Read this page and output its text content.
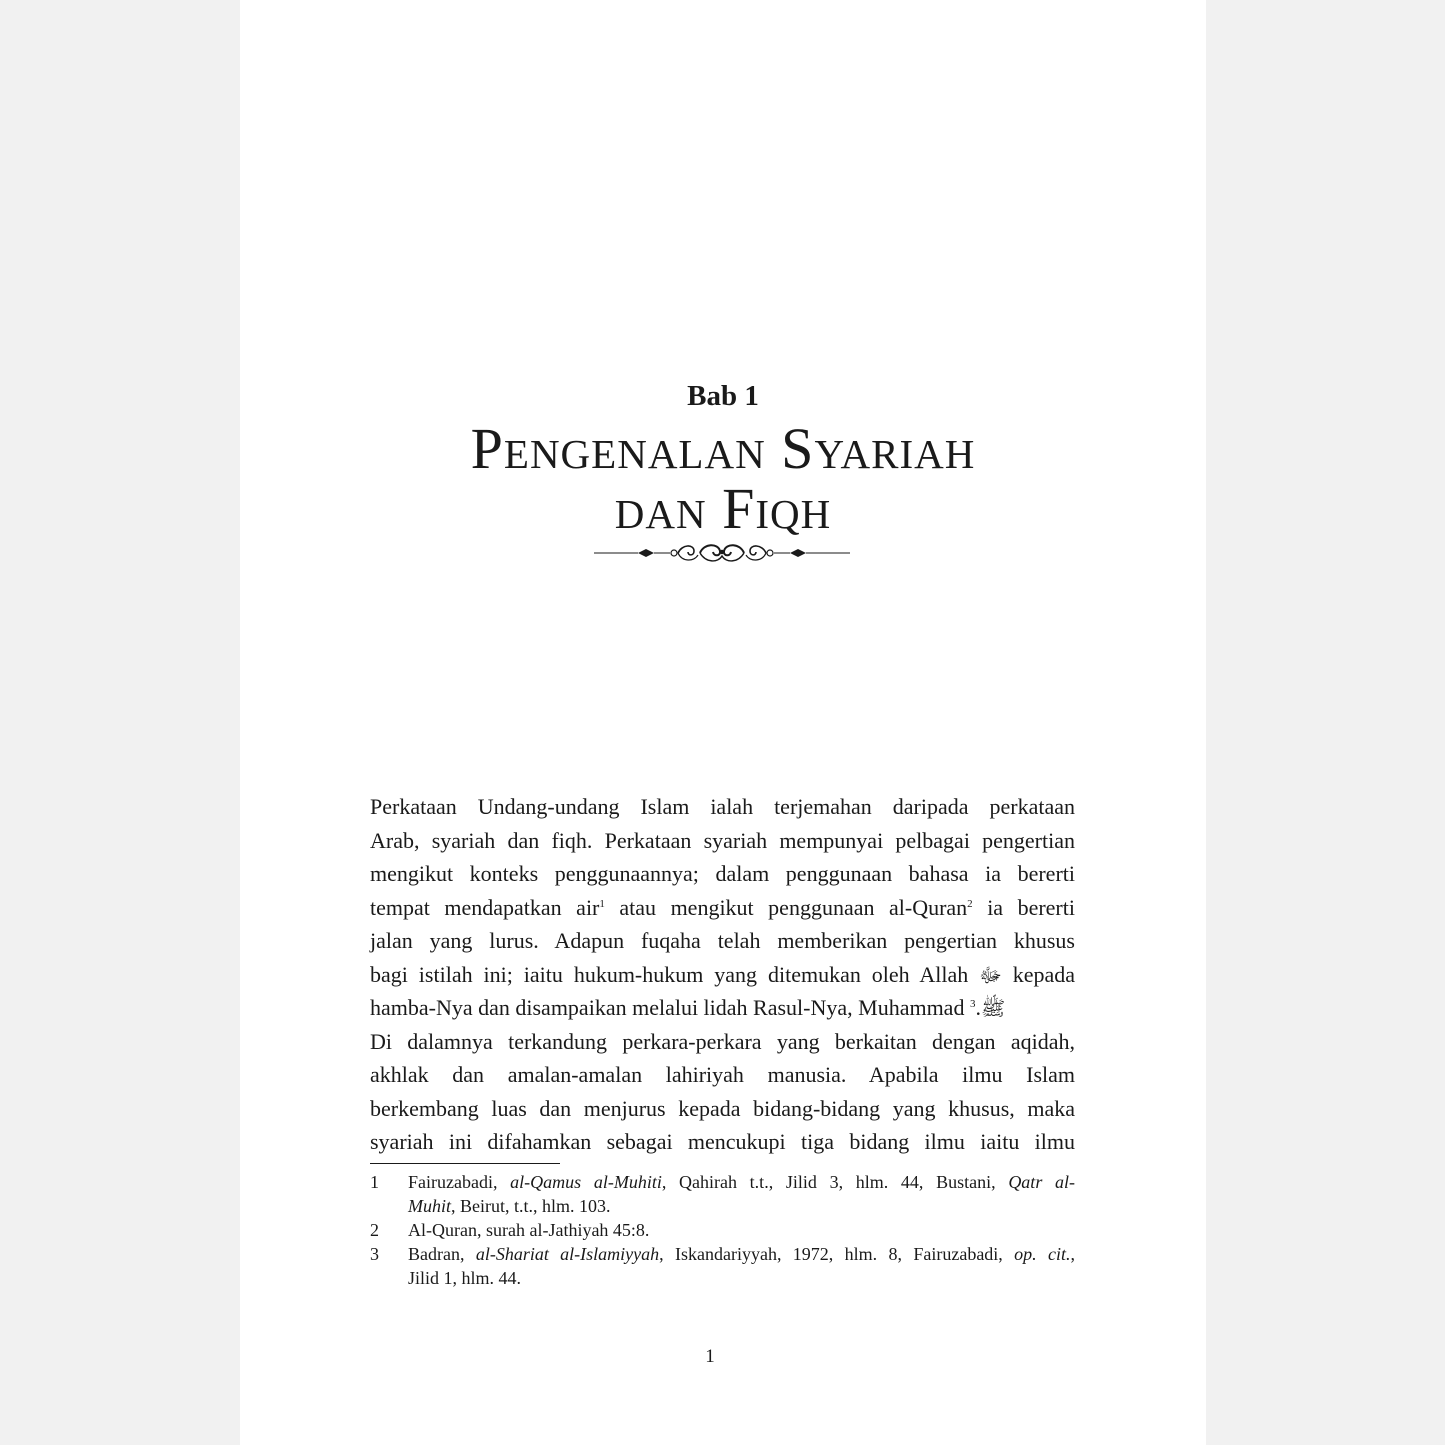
Bab 1
Pengenalan Syariah
dan Fiqh
Perkataan Undang-undang Islam ialah terjemahan daripada perkataan
Arab, syariah dan fiqh. Perkataan syariah mempunyai pelbagai pengertian
mengikut konteks penggunaannya; dalam penggunaan bahasa ia bererti
tempat mendapatkan air$^1$ atau mengikut penggunaan al-Quran$^2$ ia bererti
jalan yang lurus. Adapun fuqaha telah memberikan pengertian khusus
bagi istilah ini; iaitu hukum-hukum yang ditemukan oleh Allah ﷻ kepada
hamba-Nya dan disampaikan melalui lidah Rasul-Nya, Muhammad ﷺ.$^3$
Di dalamnya terkandung perkara-perkara yang berkaitan dengan aqidah,
akhlak dan amalan-amalan lahiriyah manusia. Apabila ilmu Islam
berkembang luas dan menjurus kepada bidang-bidang yang khusus, maka
syariah ini difahamkan sebagai mencukupi tiga bidang ilmu iaitu ilmu
1	Fairuzabadi, al-Qamus al-Muhiti, Qahirah t.t., Jilid 3, hlm. 44, Bustani, Qatr al-
Muhit, Beirut, t.t., hlm. 103.
2	Al-Quran, surah al-Jathiyah 45:8.
3	Badran, al-Shariat al-Islamiyyah, Iskandariyyah, 1972, hlm. 8, Fairuzabadi, op. cit.,
Jilid 1, hlm. 44.
1
